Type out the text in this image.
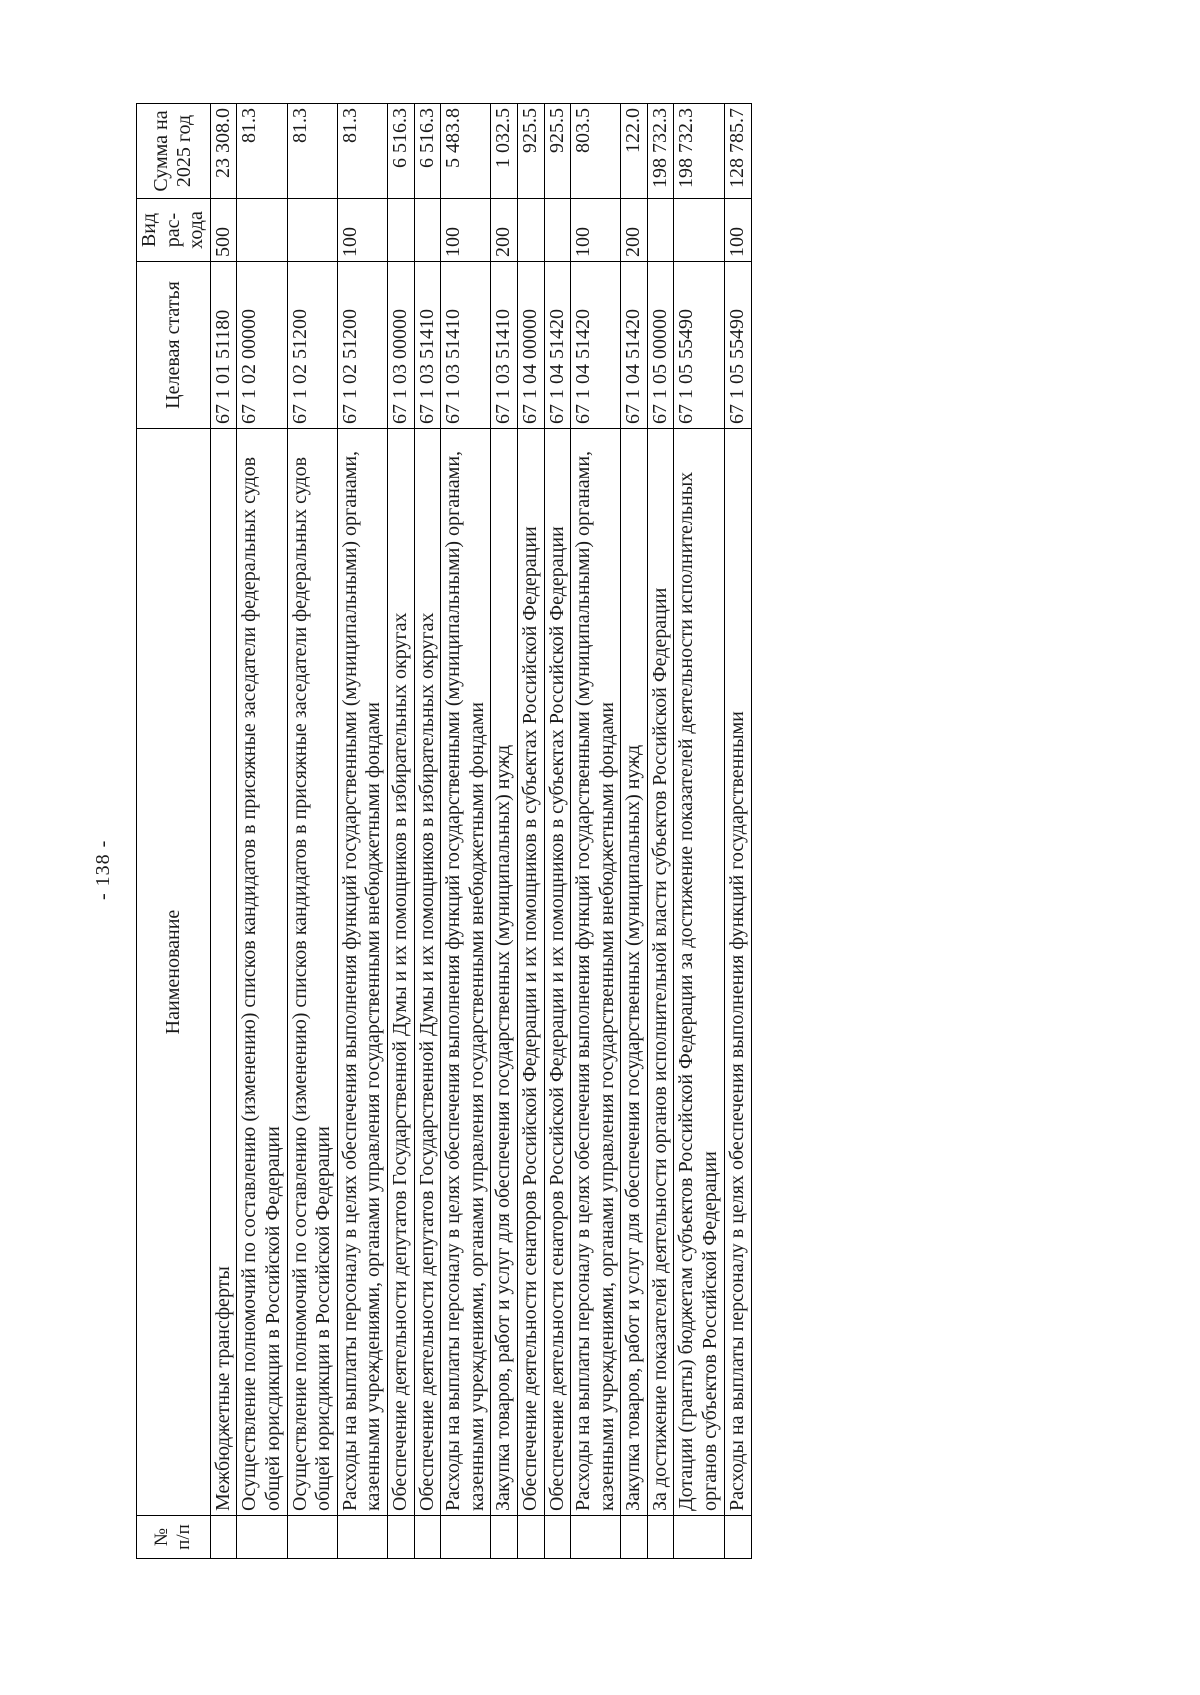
- 138 -
№ п/п	Наименование	Целевая статья	Вид рас- хода	Сумма на 2025 год
	Межбюджетные трансферты	67 1 01 51180	500	23 308.0
	Осуществление полномочий по составлению (изменению) списков кандидатов в присяжные заседатели федеральных судов общей юрисдикции в Российской Федерации	67 1 02 00000		81.3
	Осуществление полномочий по составлению (изменению) списков кандидатов в присяжные заседатели федеральных судов общей юрисдикции в Российской Федерации	67 1 02 51200		81.3
	Расходы на выплаты персоналу в целях обеспечения выполнения функций государственными (муниципальными) органами, казенными учреждениями, органами управления государственными внебюджетными фондами	67 1 02 51200	100	81.3
	Обеспечение деятельности депутатов Государственной Думы и их помощников в избирательных округах	67 1 03 00000		6 516.3
	Обеспечение деятельности депутатов Государственной Думы и их помощников в избирательных округах	67 1 03 51410		6 516.3
	Расходы на выплаты персоналу в целях обеспечения выполнения функций государственными (муниципальными) органами, казенными учреждениями, органами управления государственными внебюджетными фондами	67 1 03 51410	100	5 483.8
	Закупка товаров, работ и услуг для обеспечения государственных (муниципальных) нужд	67 1 03 51410	200	1 032.5
	Обеспечение деятельности сенаторов Российской Федерации и их помощников в субъектах Российской Федерации	67 1 04 00000		925.5
	Обеспечение деятельности сенаторов Российской Федерации и их помощников в субъектах Российской Федерации	67 1 04 51420		925.5
	Расходы на выплаты персоналу в целях обеспечения выполнения функций государственными (муниципальными) органами, казенными учреждениями, органами управления государственными внебюджетными фондами	67 1 04 51420	100	803.5
	Закупка товаров, работ и услуг для обеспечения государственных (муниципальных) нужд	67 1 04 51420	200	122.0
	За достижение показателей деятельности органов исполнительной власти субъектов Российской Федерации	67 1 05 00000		198 732.3
	Дотации (гранты) бюджетам субъектов Российской Федерации за достижение показателей деятельности исполнительных органов субъектов Российской Федерации	67 1 05 55490		198 732.3
	Расходы на выплаты персоналу в целях обеспечения выполнения функций государственными	67 1 05 55490	100	128 785.7
